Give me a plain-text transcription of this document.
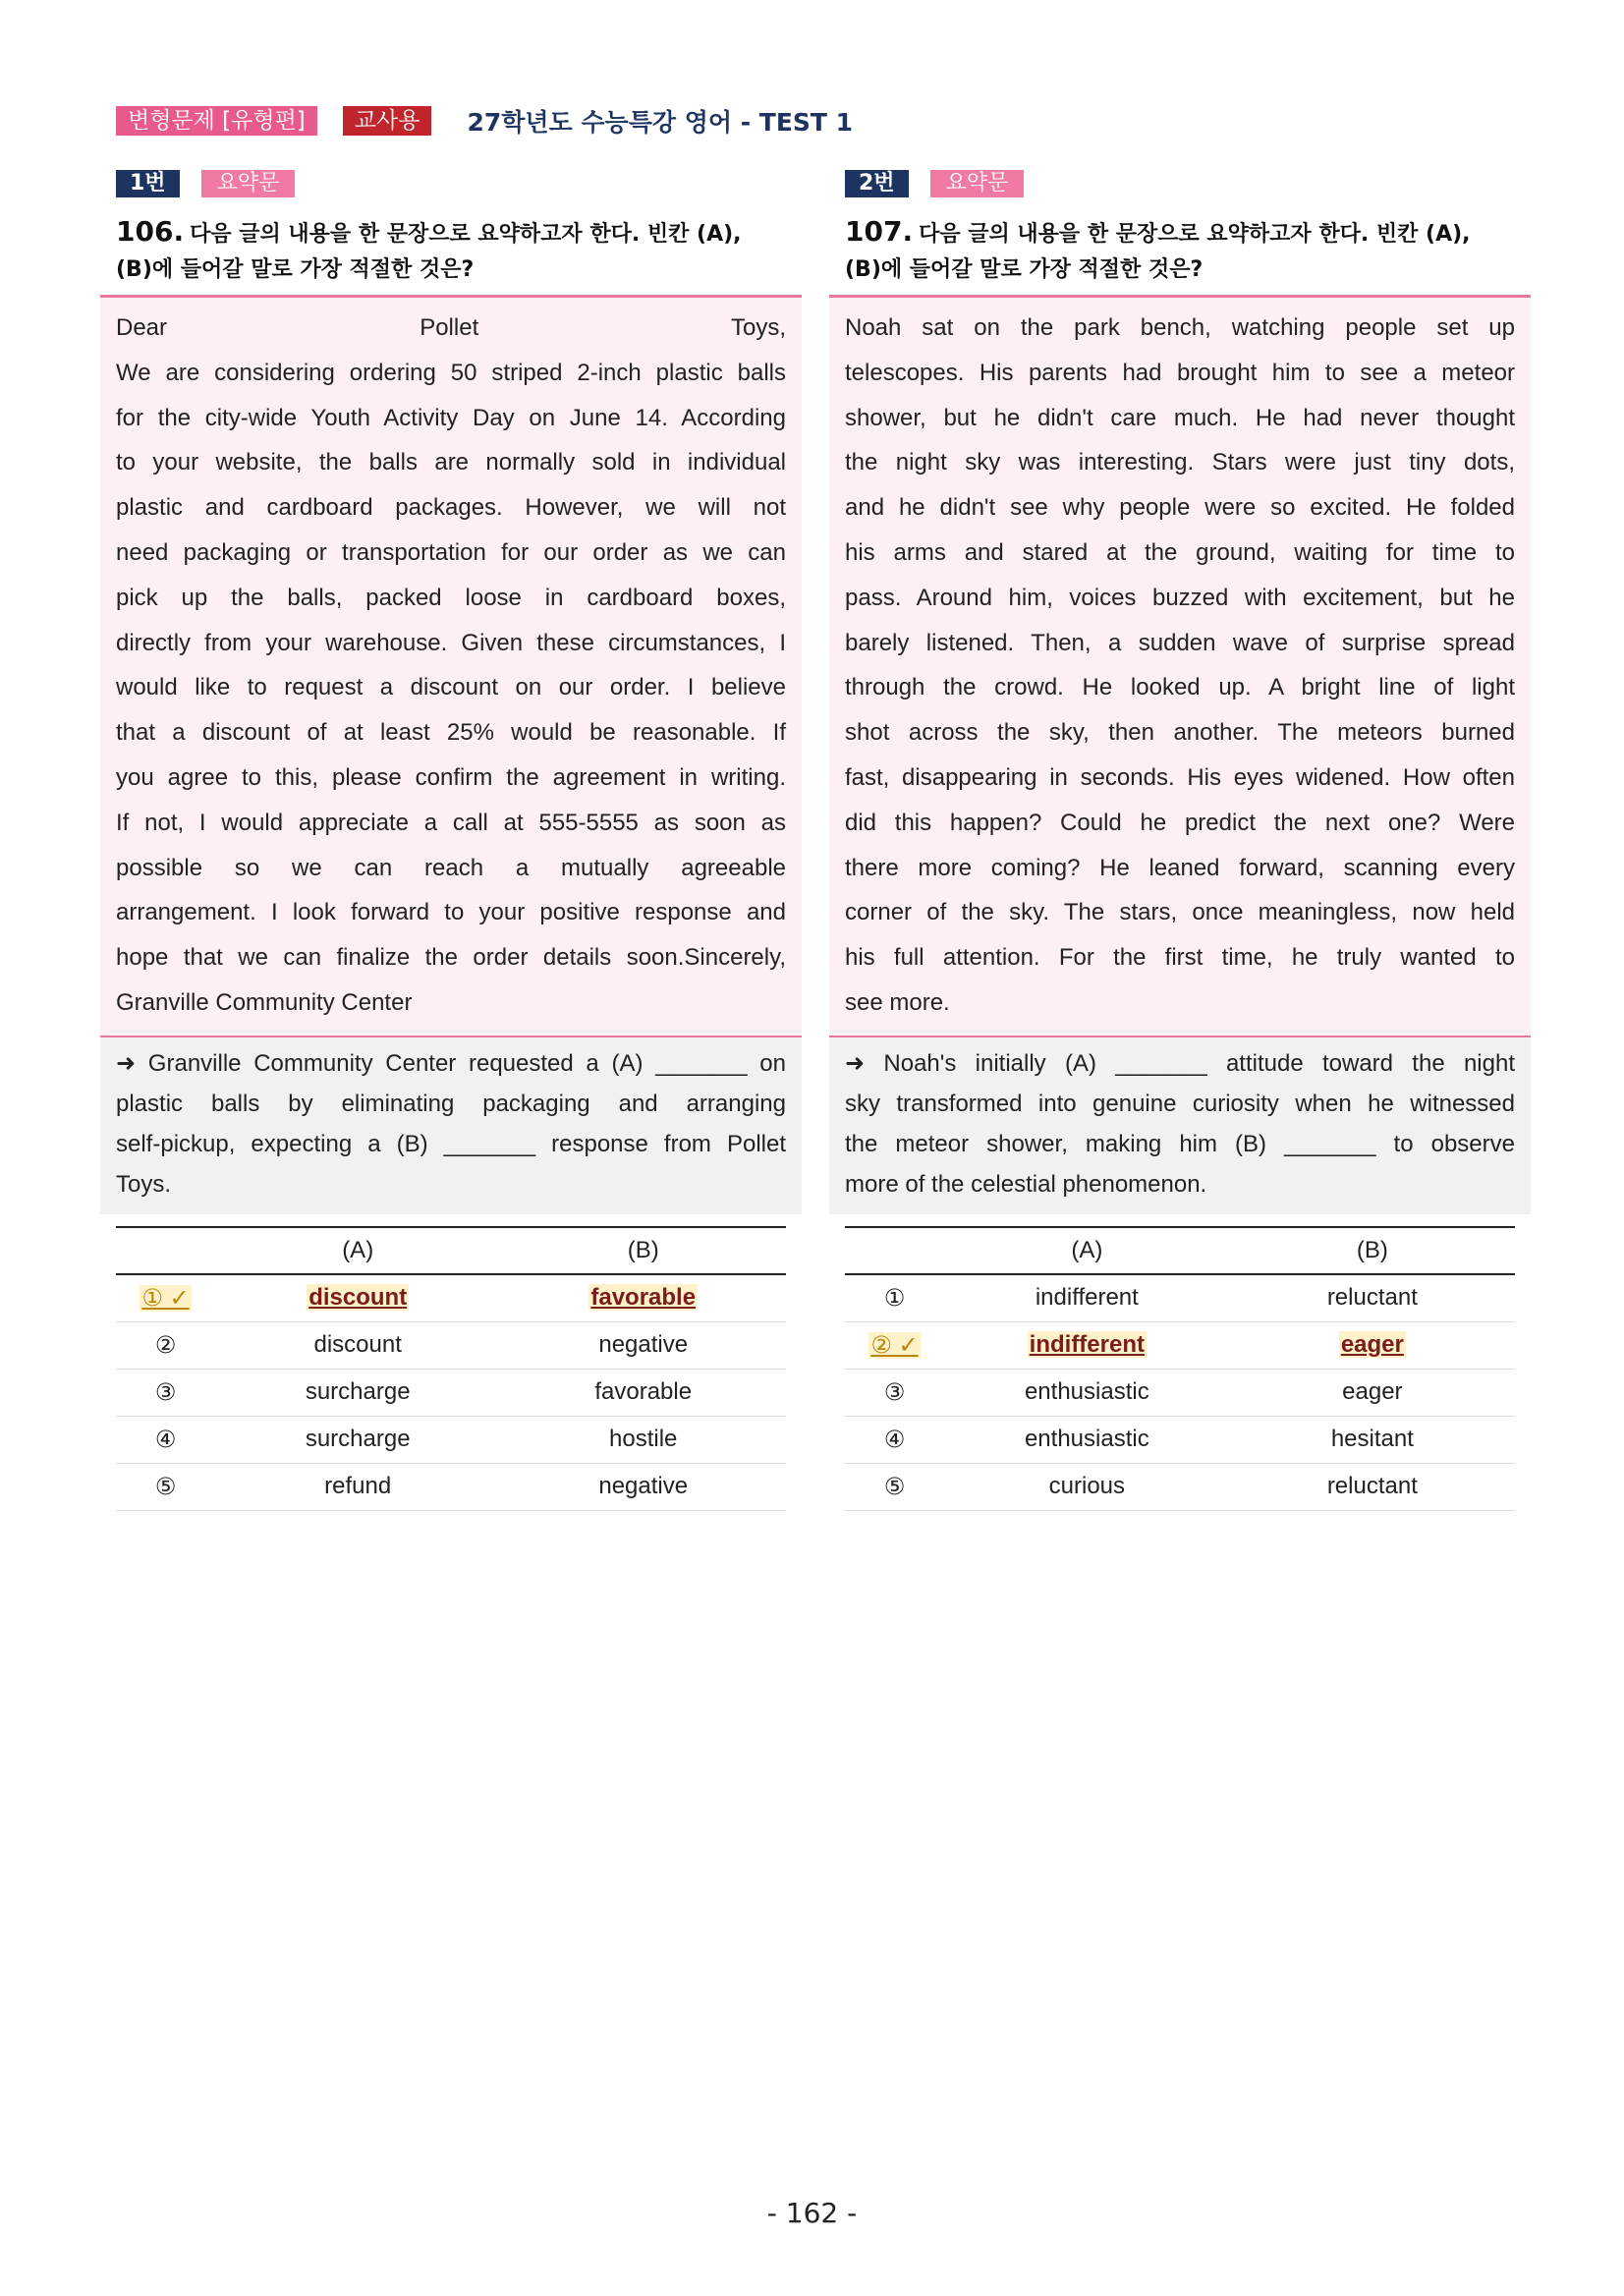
변형문제 [유형편]	교사용	27학년도 수능특강 영어 - TEST 1
1번	요약문
106. 다음 글의 내용을 한 문장으로 요약하고자 한다. 빈칸 (A),
(B)에 들어갈 말로 가장 적절한 것은?
Dear Pollet Toys,
We are considering ordering 50 striped 2-inch plastic balls
for the city-wide Youth Activity Day on June 14. According
to your website, the balls are normally sold in individual
plastic and cardboard packages. However, we will not
need packaging or transportation for our order as we can
pick up the balls, packed loose in cardboard boxes,
directly from your warehouse. Given these circumstances, I
would like to request a discount on our order. I believe
that a discount of at least 25% would be reasonable. If
you agree to this, please confirm the agreement in writing.
If not, I would appreciate a call at 555-5555 as soon as
possible so we can reach a mutually agreeable
arrangement. I look forward to your positive response and
hope that we can finalize the order details soon.Sincerely,
Granville Community Center
➜ Granville Community Center requested a (A) _______ on
plastic balls by eliminating packaging and arranging
self-pickup, expecting a (B) _______ response from Pollet
Toys.
	(A)	(B)
① ✓	discount	favorable
②	discount	negative
③	surcharge	favorable
④	surcharge	hostile
⑤	refund	negative
2번	요약문
107. 다음 글의 내용을 한 문장으로 요약하고자 한다. 빈칸 (A),
(B)에 들어갈 말로 가장 적절한 것은?
Noah sat on the park bench, watching people set up
telescopes. His parents had brought him to see a meteor
shower, but he didn't care much. He had never thought
the night sky was interesting. Stars were just tiny dots,
and he didn't see why people were so excited. He folded
his arms and stared at the ground, waiting for time to
pass. Around him, voices buzzed with excitement, but he
barely listened. Then, a sudden wave of surprise spread
through the crowd. He looked up. A bright line of light
shot across the sky, then another. The meteors burned
fast, disappearing in seconds. His eyes widened. How often
did this happen? Could he predict the next one? Were
there more coming? He leaned forward, scanning every
corner of the sky. The stars, once meaningless, now held
his full attention. For the first time, he truly wanted to
see more.
➜ Noah's initially (A) _______ attitude toward the night
sky transformed into genuine curiosity when he witnessed
the meteor shower, making him (B) _______ to observe
more of the celestial phenomenon.
	(A)	(B)
①	indifferent	reluctant
② ✓	indifferent	eager
③	enthusiastic	eager
④	enthusiastic	hesitant
⑤	curious	reluctant
- 162 -
